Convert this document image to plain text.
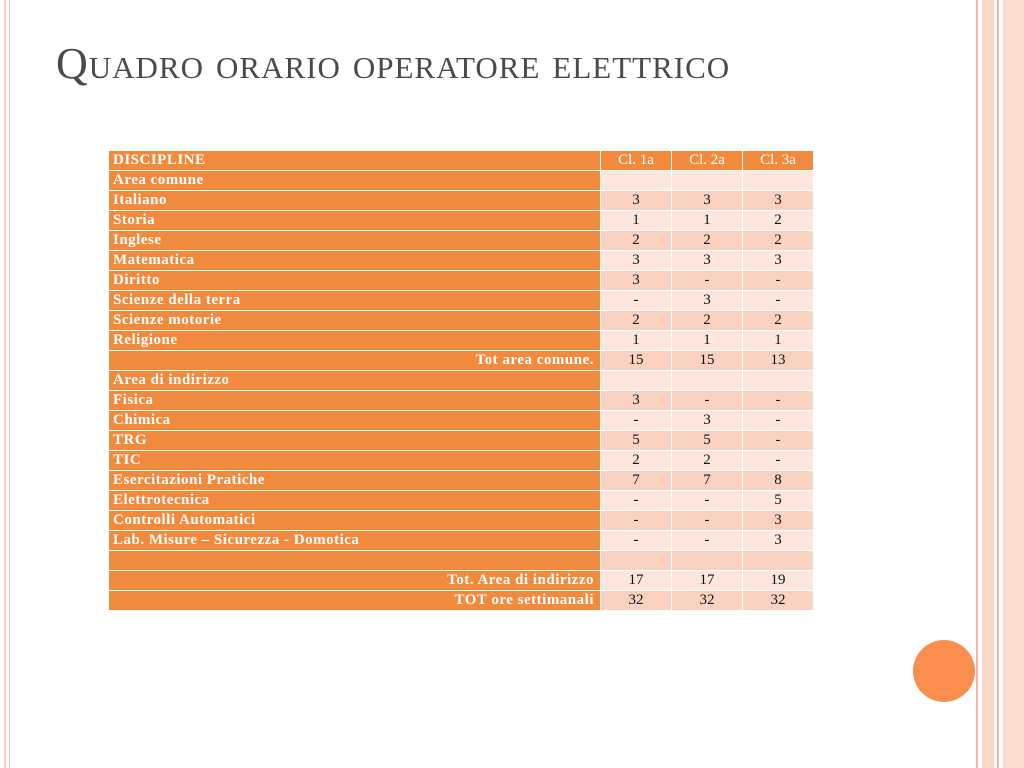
Quadro orario operatore elettrico
DISCIPLINE	Cl. 1a	Cl. 2a	Cl. 3a
Area comune			
Italiano	3	3	3
Storia	1	1	2
Inglese	2	2	2
Matematica	3	3	3
Diritto	3	-	-
Scienze della terra	-	3	-
Scienze motorie	2	2	2
Religione	1	1	1
Tot area comune.	15	15	13
Area di indirizzo			
Fisica	3	-	-
Chimica	-	3	-
TRG	5	5	-
TIC	2	2	-
Esercitazioni Pratiche	7	7	8
Elettrotecnica	-	-	5
Controlli Automatici	-	-	3
Lab. Misure – Sicurezza - Domotica	-	-	3

Tot. Area di indirizzo	17	17	19
TOT ore settimanali	32	32	32
